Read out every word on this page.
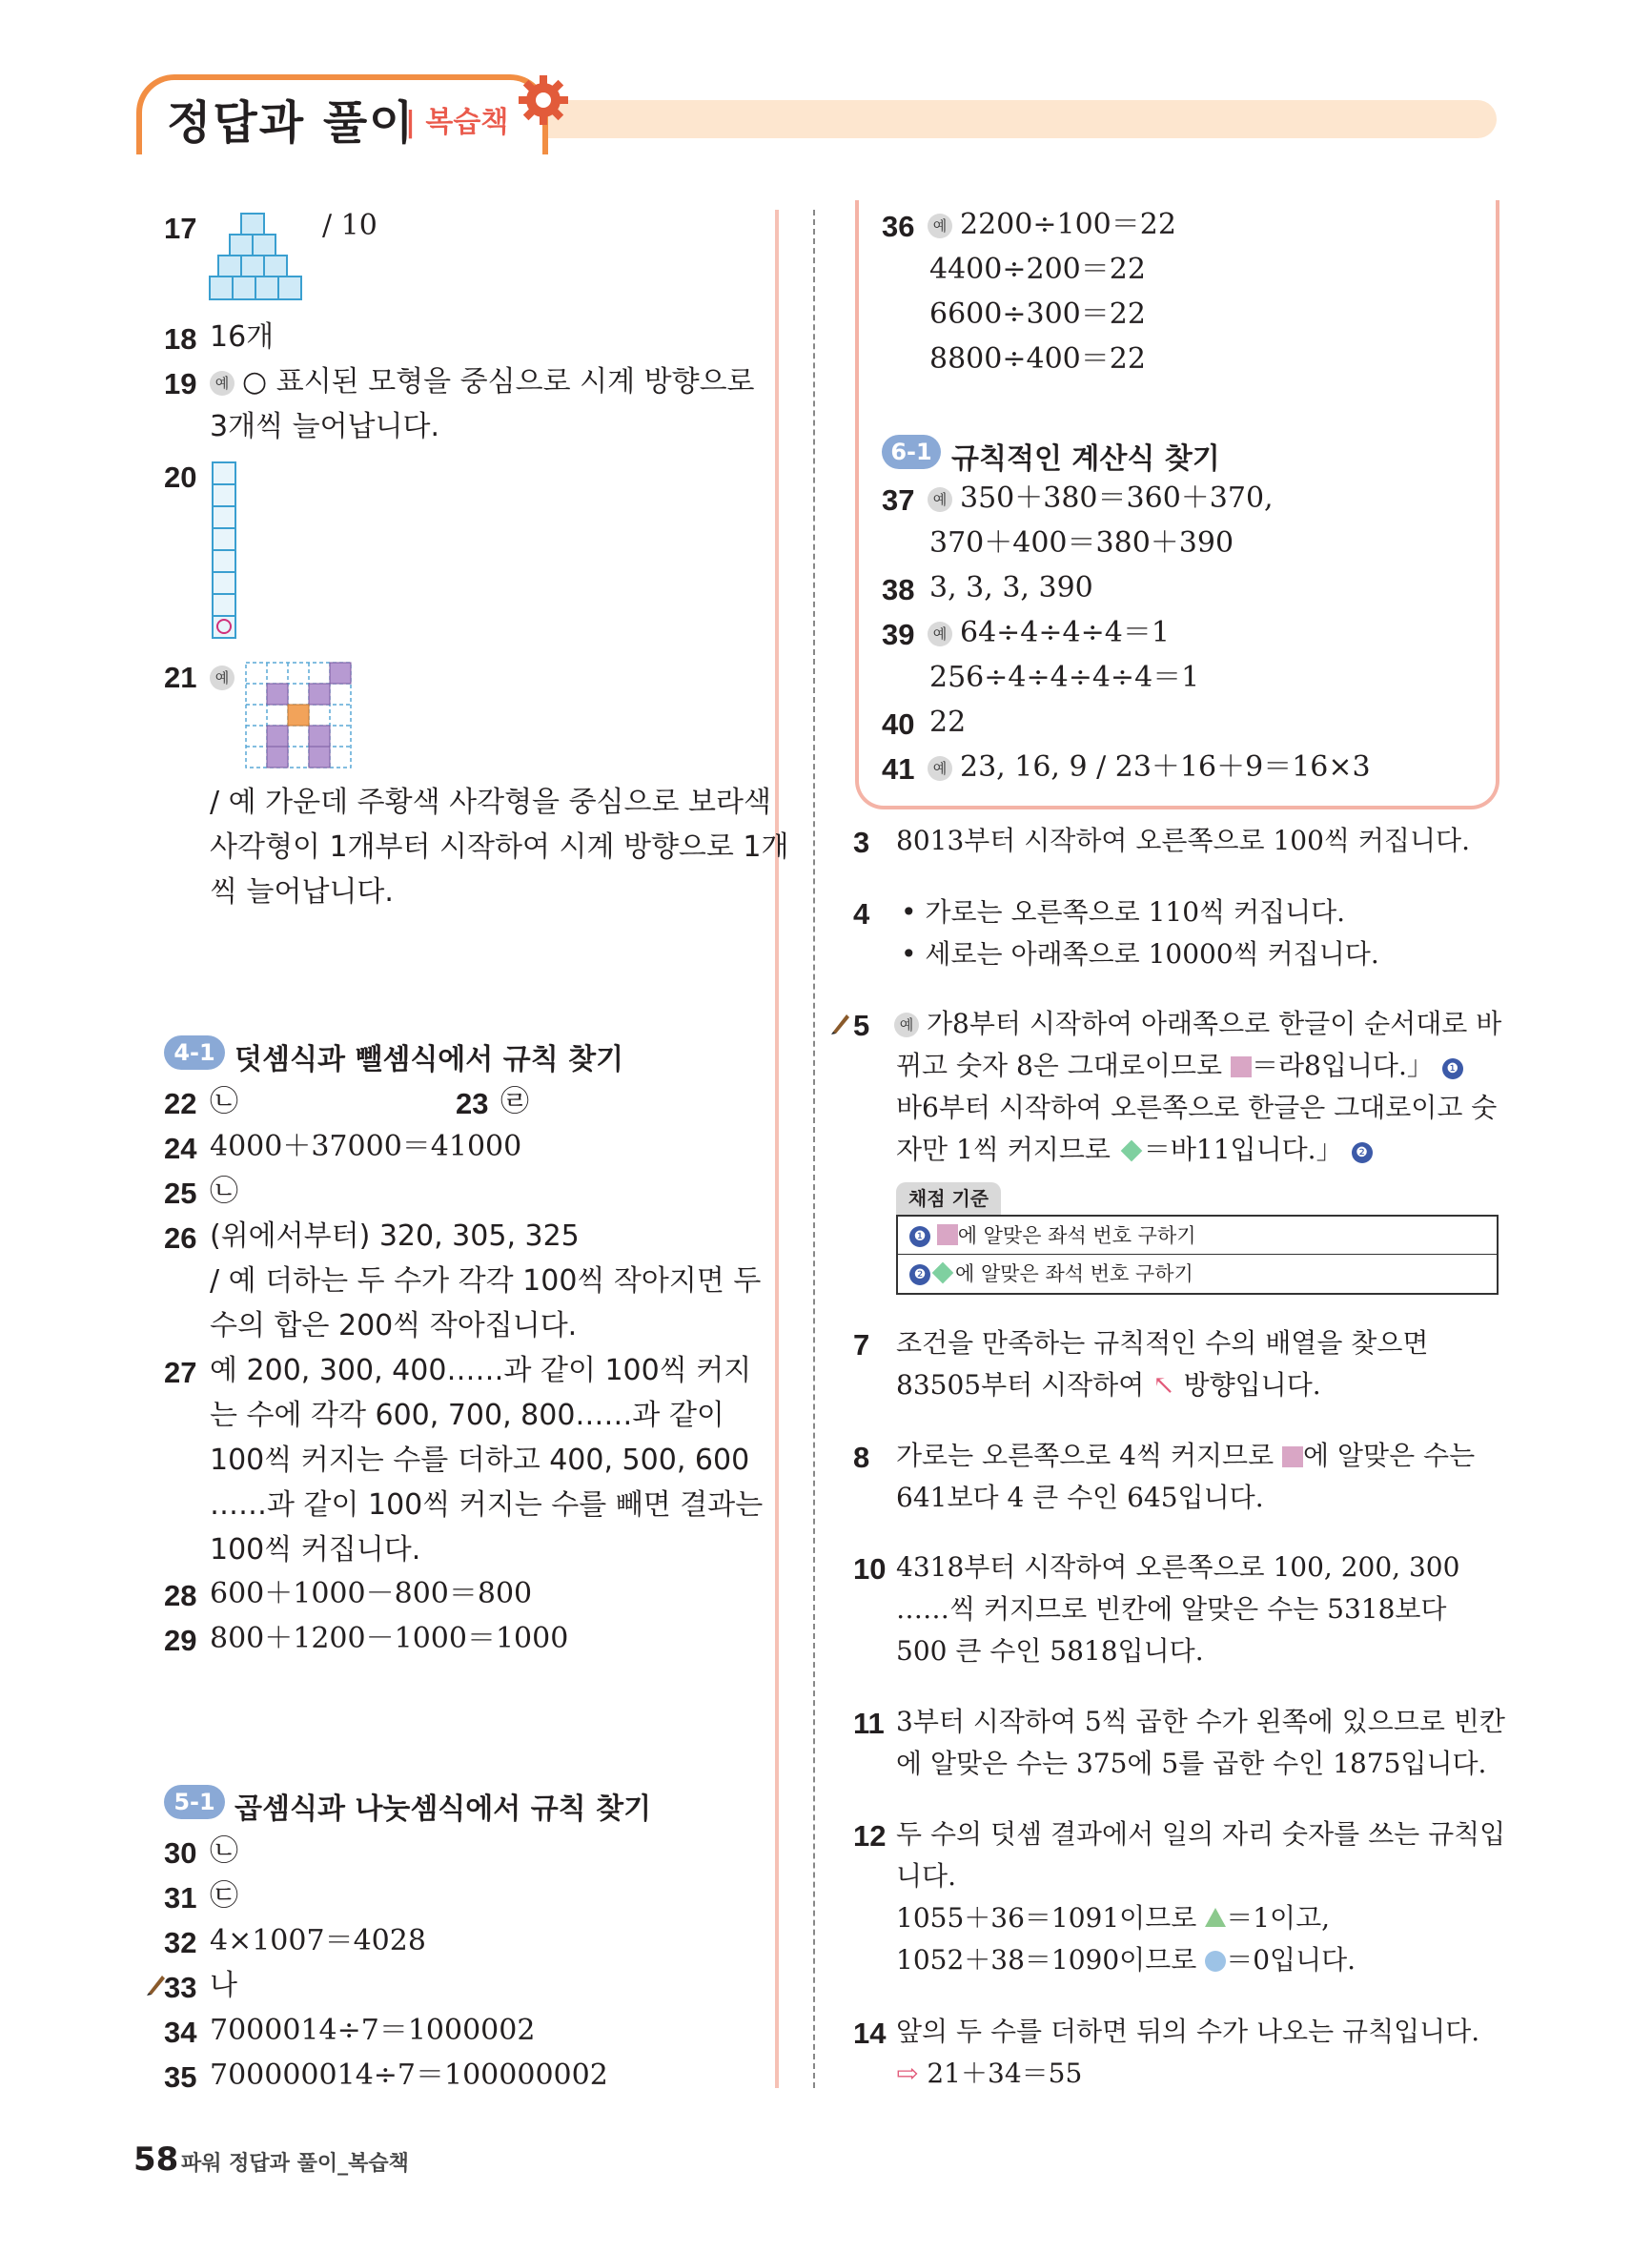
정답과 풀이
| 복습책
17	/ 10
18 16개
19	예 ○ 표시된 모형을 중심으로 시계 방향으로
3개씩 늘어납니다.
20
21	예
/ 예 가운데 주황색 사각형을 중심으로 보라색
사각형이 1개부터 시작하여 시계 방향으로 1개
씩 늘어납니다.
4-1 덧셈식과 뺄셈식에서 규칙 찾기
22 ㉡	23 ㉣
24 4000＋37000＝41000
25 ㉡
26 (위에서부터) 320, 305, 325
/ 예 더하는 두 수가 각각 100씩 작아지면 두
수의 합은 200씩 작아집니다.
27 예 200, 300, 400……과 같이 100씩 커지
는 수에 각각 600, 700, 800……과 같이
100씩 커지는 수를 더하고 400, 500, 600
……과 같이 100씩 커지는 수를 빼면 결과는
100씩 커집니다.
28 600＋1000－800＝800
29 800＋1200－1000＝1000
5-1 곱셈식과 나눗셈식에서 규칙 찾기
30 ㉡
31 ㉢
32 4×1007＝4028
33 나
34 7000014÷7＝1000002
35 700000014÷7＝100000002
36	예 2200÷100＝22
4400÷200＝22
6600÷300＝22
8800÷400＝22
6-1 규칙적인 계산식 찾기
37	예 350＋380＝360＋370,
370＋400＝380＋390
38 3, 3, 3, 390
39	예 64÷4÷4÷4＝1
256÷4÷4÷4÷4＝1
40 22
41	예 23, 16, 9 / 23＋16＋9＝16×3
3 8013부터 시작하여 오른쪽으로 100씩 커집니다.
4 • 가로는 오른쪽으로 110씩 커집니다.
• 세로는 아래쪽으로 10000씩 커집니다.
5	예 가8부터 시작하여 아래쪽으로 한글이 순서대로 바
뀌고 숫자 8은 그대로이므로 ＝라8입니다.」 ❶
바6부터 시작하여 오른쪽으로 한글은 그대로이고 숫
자만 1씩 커지므로 ＝바11입니다.」 ❷
채점 기준
❶ 에 알맞은 좌석 번호 구하기
❷ 에 알맞은 좌석 번호 구하기
7 조건을 만족하는 규칙적인 수의 배열을 찾으면
83505부터 시작하여 ↖ 방향입니다.
8 가로는 오른쪽으로 4씩 커지므로 에 알맞은 수는
641보다 4 큰 수인 645입니다.
10 4318부터 시작하여 오른쪽으로 100, 200, 300
……씩 커지므로 빈칸에 알맞은 수는 5318보다
500 큰 수인 5818입니다.
11 3부터 시작하여 5씩 곱한 수가 왼쪽에 있으므로 빈칸
에 알맞은 수는 375에 5를 곱한 수인 1875입니다.
12 두 수의 덧셈 결과에서 일의 자리 숫자를 쓰는 규칙입
니다.
1055＋36＝1091이므로 ＝1이고,
1052＋38＝1090이므로 ＝0입니다.
14 앞의 두 수를 더하면 뒤의 수가 나오는 규칙입니다.
⇨ 21＋34＝55
58 파워 정답과 풀이_복습책
